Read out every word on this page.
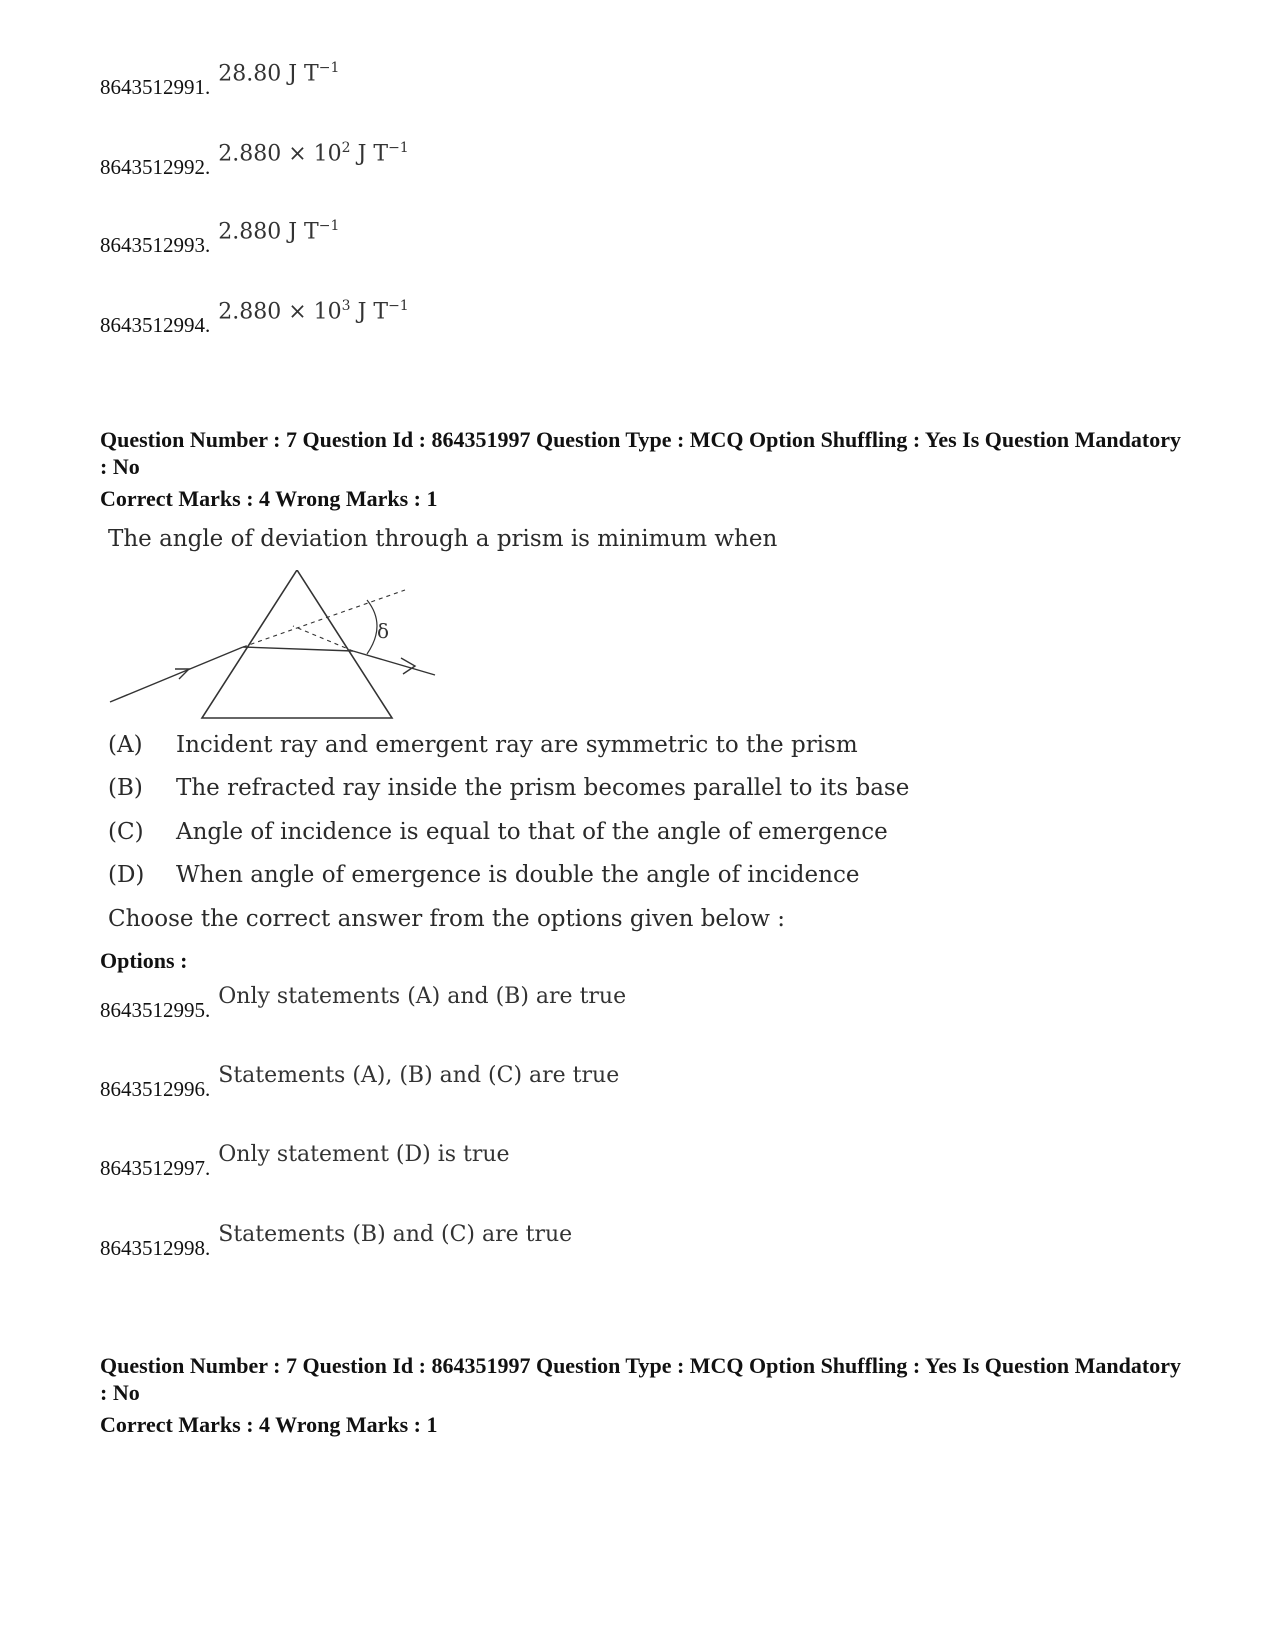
8643512991.
28.80 J $T^{-1}$
8643512992.
$2.880 \times 10^2$ J $T^{-1}$
8643512993.
2.880 J $T^{-1}$
8643512994.
$2.880 \times 10^3$ J $T^{-1}$
Question Number : 7 Question Id : 864351997 Question Type : MCQ Option Shuffling : Yes Is Question Mandatory : No
Correct Marks : 4 Wrong Marks : 1
The angle of deviation through a prism is minimum when
δ
(A) Incident ray and emergent ray are symmetric to the prism
(B) The refracted ray inside the prism becomes parallel to its base
(C) Angle of incidence is equal to that of the angle of emergence
(D) When angle of emergence is double the angle of incidence
Choose the correct answer from the options given below :
Options :
8643512995.
Only statements (A) and (B) are true
8643512996.
Statements (A), (B) and (C) are true
8643512997.
Only statement (D) is true
8643512998.
Statements (B) and (C) are true
Question Number : 7 Question Id : 864351997 Question Type : MCQ Option Shuffling : Yes Is Question Mandatory : No
Correct Marks : 4 Wrong Marks : 1
